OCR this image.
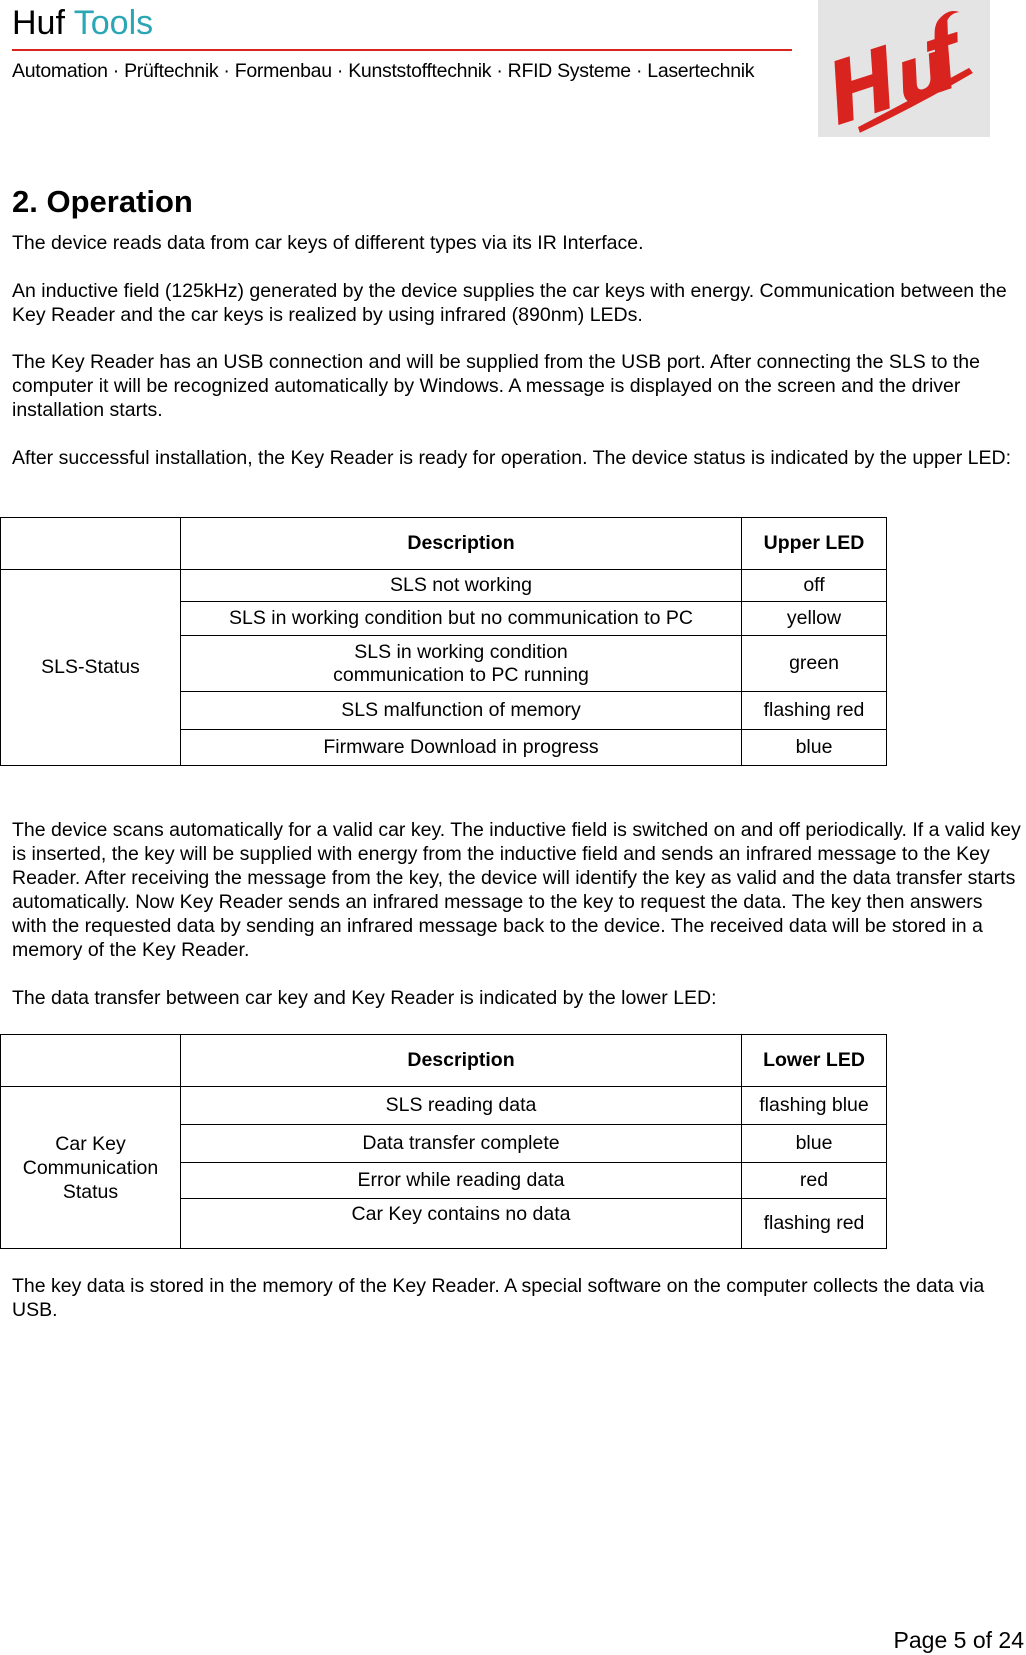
Huf Tools
Automation · Prüftechnik · Formenbau · Kunststofftechnik · RFID Systeme · Lasertechnik
2. Operation

The device reads data from car keys of different types via its IR Interface.

An inductive field (125kHz) generated by the device supplies the car keys with energy. Communication between the Key Reader and the car keys is realized by using infrared (890nm) LEDs.

The Key Reader has an USB connection and will be supplied from the USB port. After connecting the SLS to the computer it will be recognized automatically by Windows. A message is displayed on the screen and the driver installation starts.

After successful installation, the Key Reader is ready for operation. The device status is indicated by the upper LED:

	Description	Upper LED
SLS-Status	SLS not working	off
	SLS in working condition but no communication to PC	yellow
	SLS in working condition
communication to PC running	green
	SLS malfunction of memory	flashing red
	Firmware Download in progress	blue

The device scans automatically for a valid car key. The inductive field is switched on and off periodically. If a valid key is inserted, the key will be supplied with energy from the inductive field and sends an infrared message to the Key Reader. After receiving the message from the key, the device will identify the key as valid and the data transfer starts automatically. Now Key Reader sends an infrared message to the key to request the data. The key then answers with the requested data by sending an infrared message back to the device. The received data will be stored in a memory of the Key Reader.

The data transfer between car key and Key Reader is indicated by the lower LED:

	Description	Lower LED
Car Key
Communication
Status	SLS reading data	flashing blue
	Data transfer complete	blue
	Error while reading data	red
	Car Key contains no data	flashing red

The key data is stored in the memory of the Key Reader. A special software on the computer collects the data via USB.

Page 5 of 24
